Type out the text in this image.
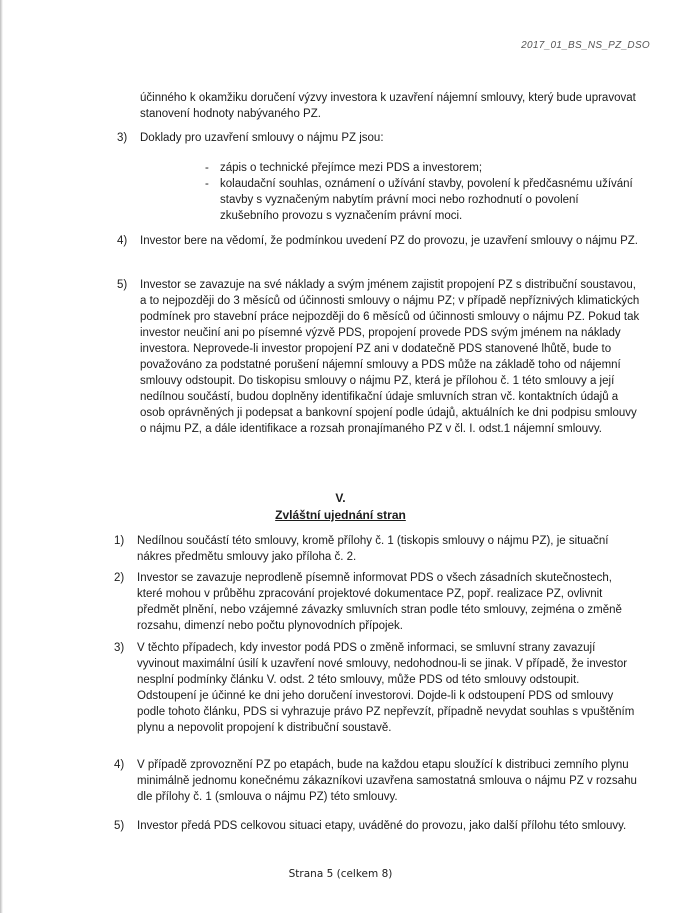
2017_01_BS_NS_PZ_DSO
účinného k okamžiku doručení výzvy investora k uzavření nájemní smlouvy, který bude upravovat stanovení hodnoty nabývaného PZ.
3) Doklady pro uzavření smlouvy o nájmu PZ jsou:
- zápis o technické přejímce mezi PDS a investorem;
- kolaudační souhlas, oznámení o užívání stavby, povolení k předčasnému užívání stavby s vyznačeným nabytím právní moci nebo rozhodnutí o povolení zkušebního provozu s vyznačením právní moci.
4) Investor bere na vědomí, že podmínkou uvedení PZ do provozu, je uzavření smlouvy o nájmu PZ.
5) Investor se zavazuje na své náklady a svým jménem zajistit propojení PZ s distribuční soustavou, a to nejpozději do 3 měsíců od účinnosti smlouvy o nájmu PZ; v případě nepříznivých klimatických podmínek pro stavební práce nejpozději do 6 měsíců od účinnosti smlouvy o nájmu PZ. Pokud tak investor neučiní ani po písemné výzvě PDS, propojení provede PDS svým jménem na náklady investora. Neprovede-li investor propojení PZ ani v dodatečně PDS stanovené lhůtě, bude to považováno za podstatné porušení nájemní smlouvy a PDS může na základě toho od nájemní smlouvy odstoupit. Do tiskopisu smlouvy o nájmu PZ, která je přílohou č. 1 této smlouvy a její nedílnou součástí, budou doplněny identifikační údaje smluvních stran vč. kontaktních údajů a osob oprávněných ji podepsat a bankovní spojení podle údajů, aktuálních ke dni podpisu smlouvy o nájmu PZ, a dále identifikace a rozsah pronajímaného PZ v čl. I. odst.1 nájemní smlouvy.
V.
Zvláštní ujednání stran
1) Nedílnou součástí této smlouvy, kromě přílohy č. 1 (tiskopis smlouvy o nájmu PZ), je situační nákres předmětu smlouvy jako příloha č. 2.
2) Investor se zavazuje neprodleně písemně informovat PDS o všech zásadních skutečnostech, které mohou v průběhu zpracování projektové dokumentace PZ, popř. realizace PZ, ovlivnit předmět plnění, nebo vzájemné závazky smluvních stran podle této smlouvy, zejména o změně rozsahu, dimenzí nebo počtu plynovodních přípojek.
3) V těchto případech, kdy investor podá PDS o změně informaci, se smluvní strany zavazují vyvinout maximální úsilí k uzavření nové smlouvy, nedohodnou-li se jinak. V případě, že investor nesplní podmínky článku V. odst. 2 této smlouvy, může PDS od této smlouvy odstoupit. Odstoupení je účinné ke dni jeho doručení investorovi. Dojde-li k odstoupení PDS od smlouvy podle tohoto článku, PDS si vyhrazuje právo PZ nepřevzít, případně nevydat souhlas s vpuštěním plynu a nepovolit propojení k distribuční soustavě.
4) V případě zprovoznění PZ po etapách, bude na každou etapu sloužící k distribuci zemního plynu minimálně jednomu konečnému zákazníkovi uzavřena samostatná smlouva o nájmu PZ v rozsahu dle přílohy č. 1 (smlouva o nájmu PZ) této smlouvy.
5) Investor předá PDS celkovou situaci etapy, uváděné do provozu, jako další přílohu této smlouvy.
Strana 5 (celkem 8)
